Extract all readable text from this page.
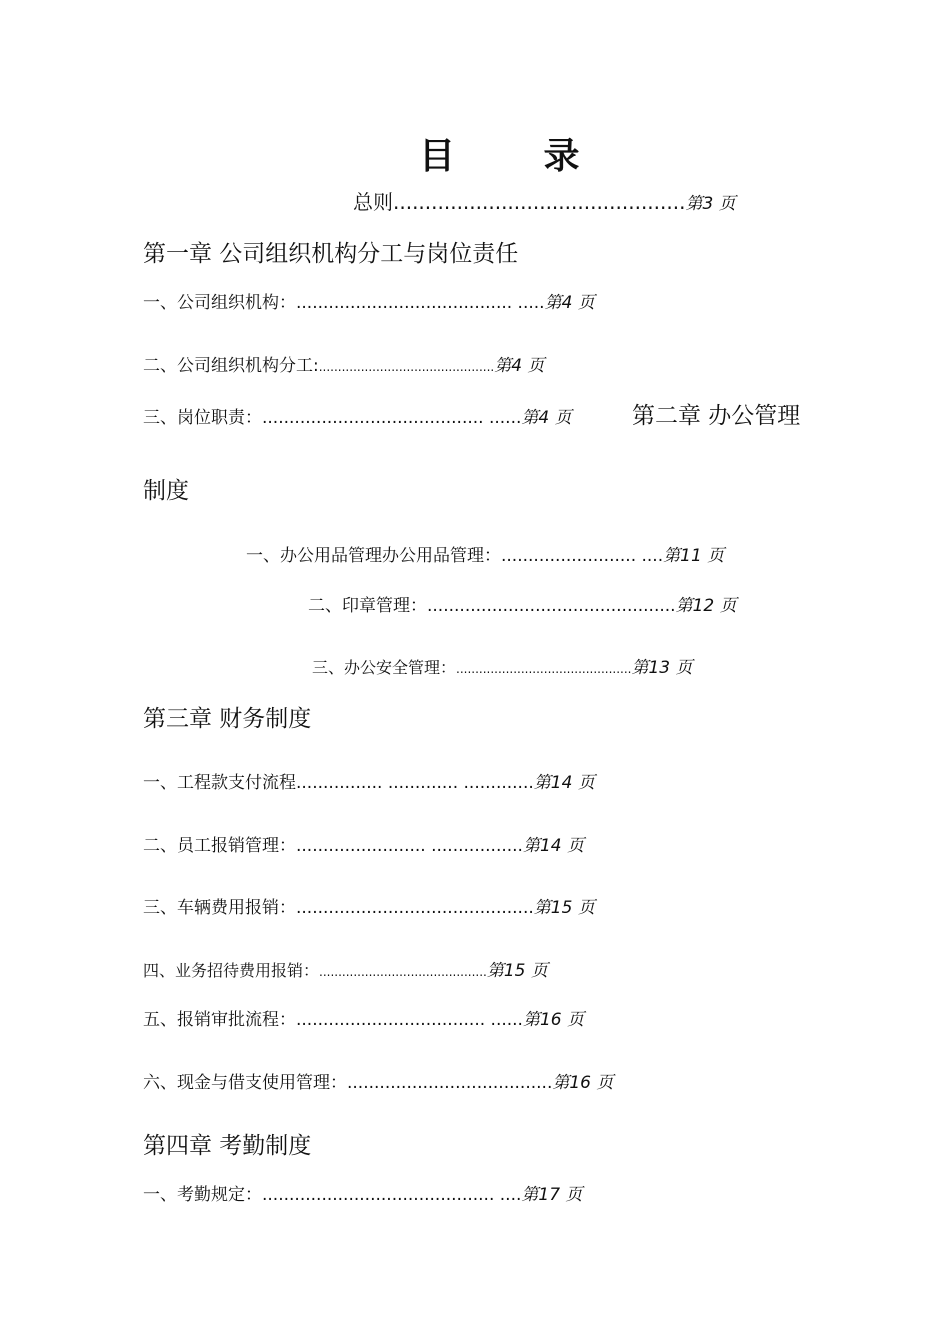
目 录
总则..............................................第3 页
第一章 公司组织机构分工与岗位责任
一、公司组织机构：........................................ .....第4 页
二、公司组织机构分工:..............................................第4 页
三、岗位职责：......................................... ......第4 页	第二章 办公管理
制度
一、办公用品管理办公用品管理：......................... ....第11 页
二、印章管理：..............................................第12 页
三、办公安全管理：..............................................第13 页
第三章 财务制度
一、工程款支付流程................ ............. .............第14 页
二、员工报销管理：........................ .................第14 页
三、车辆费用报销：............................................第15 页
四、业务招待费用报销：............................................第15 页
五、报销审批流程：................................... ......第16 页
六、现金与借支使用管理：......................................第16 页
第四章 考勤制度
一、考勤规定：........................................... ....第17 页
